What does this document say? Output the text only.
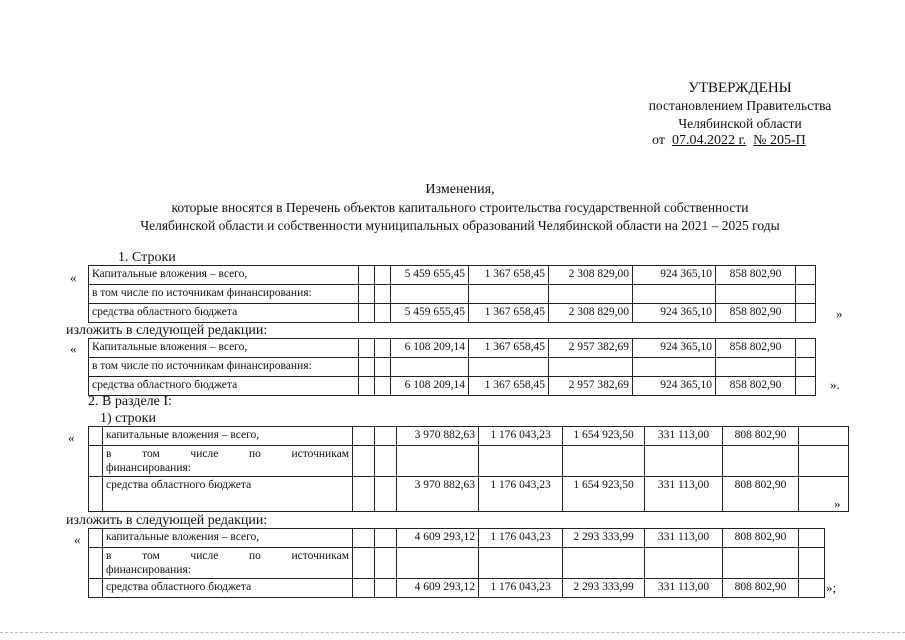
УТВЕРЖДЕНЫ
постановлением Правительства
Челябинской области
от 07.04.2022 г. № 205-П
Изменения,
которые вносятся в Перечень объектов капитального строительства государственной собственности
Челябинской области и собственности муниципальных образований Челябинской области на 2021 – 2025 годы
1. Строки
« Капитальные вложения – всего,			5 459 655,45	1 367 658,45	2 308 829,00	924 365,10	858 802,90	
в том числе по источникам финансирования:								
средства областного бюджета			5 459 655,45	1 367 658,45	2 308 829,00	924 365,10	858 802,90		»
изложить в следующей редакции:
« Капитальные вложения – всего,			6 108 209,14	1 367 658,45	2 957 382,69	924 365,10	858 802,90	
в том числе по источникам финансирования:								
средства областного бюджета			6 108 209,14	1 367 658,45	2 957 382,69	924 365,10	858 802,90		».
2. В разделе I:
1) строки
«
		капитальные вложения – всего,			3 970 882,63	1 176 043,23	1 654 923,50	331 113,00	808 802,90	

	в том числе по источникам
финансирования:								
	средства областного бюджета			3 970 882,63	1 176 043,23	1 654 923,50	331 113,00	808 802,90	
»
изложить в следующей редакции:
«
	капитальные вложения – всего,			4 609 293,12	1 176 043,23	2 293 333,99	331 113,00	808 802,90	

	в том числе по источникам
финансирования:								
	средства областного бюджета			4 609 293,12	1 176 043,23	2 293 333,99	331 113,00	808 802,90		»;
